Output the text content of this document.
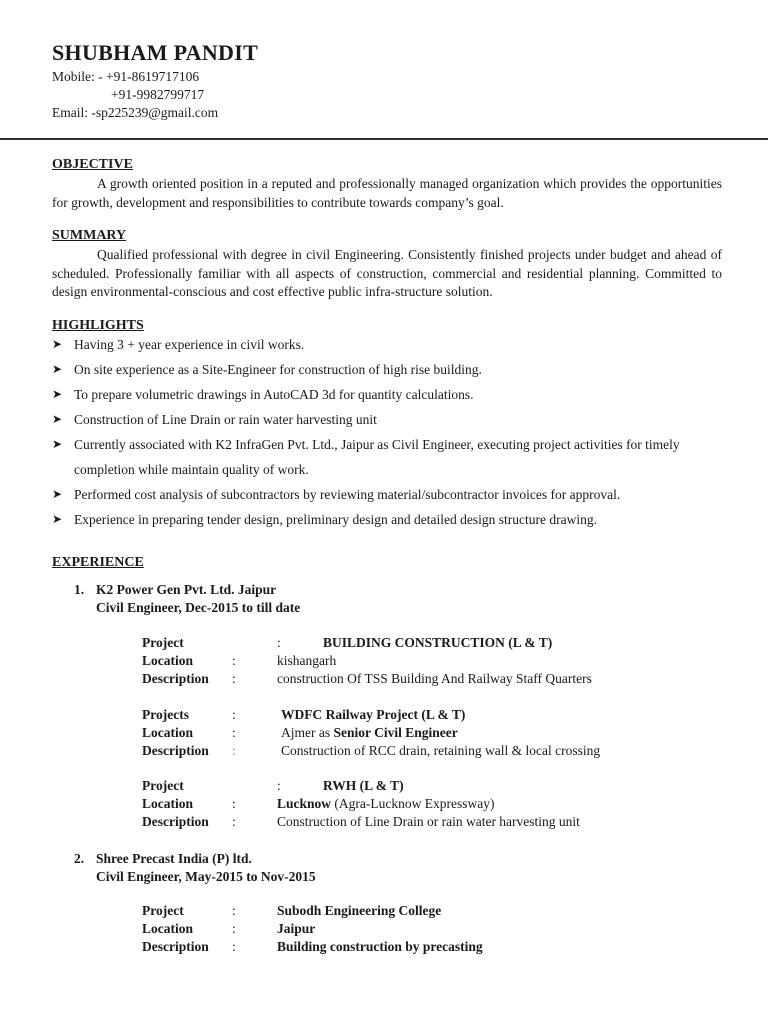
SHUBHAM PANDIT
Mobile: - +91-8619717106
+91-9982799717
Email: -sp225239@gmail.com
OBJECTIVE
A growth oriented position in a reputed and professionally managed organization which provides the opportunities for growth, development and responsibilities to contribute towards company’s goal.
SUMMARY
Qualified professional with degree in civil Engineering. Consistently finished projects under budget and ahead of scheduled. Professionally familiar with all aspects of construction, commercial and residential planning. Committed to design environmental-conscious and cost effective public infra-structure solution.
HIGHLIGHTS
➤ Having 3 + year experience in civil works.
➤ On site experience as a Site-Engineer for construction of high rise building.
➤ To prepare volumetric drawings in AutoCAD 3d for quantity calculations.
➤ Construction of Line Drain or rain water harvesting unit
➤ Currently associated with K2 InfraGen Pvt. Ltd., Jaipur as Civil Engineer, executing project activities for timely completion while maintain quality of work.
➤ Performed cost analysis of subcontractors by reviewing material/subcontractor invoices for approval.
➤ Experience in preparing tender design, preliminary design and detailed design structure drawing.
EXPERIENCE
1. K2 Power Gen Pvt. Ltd. Jaipur
Civil Engineer, Dec-2015 to till date
Project	:	BUILDING CONSTRUCTION (L & T)
Location	:	kishangarh
Description :	construction Of TSS Building And Railway Staff Quarters
Projects	:	WDFC Railway Project (L & T)
Location	:	Ajmer as Senior Civil Engineer
Description :	Construction of RCC drain, retaining wall & local crossing
Project	:	RWH (L & T)
Location	:	Lucknow (Agra-Lucknow Expressway)
Description :	Construction of Line Drain or rain water harvesting unit
2. Shree Precast India (P) ltd.
Civil Engineer, May-2015 to Nov-2015
Project	:	Subodh Engineering College
Location	:	Jaipur
Description :	Building construction by precasting
